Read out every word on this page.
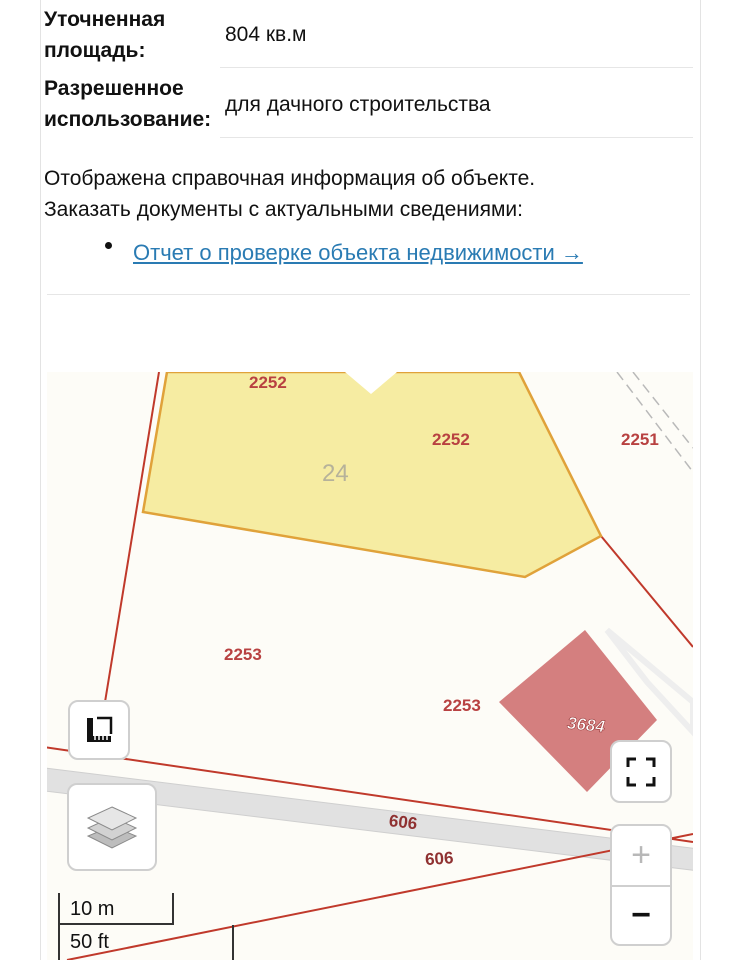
Уточненная
площадь:
804 кв.м
Разрешенное
использование:
для дачного строительства
Отображена справочная информация об объекте.
Заказать документы с актуальными сведениями:
Отчет о проверке объекта недвижимости →
2252
2252
24
2251
2253
2253
3684
606
606	+
−
10 m
50 ft
